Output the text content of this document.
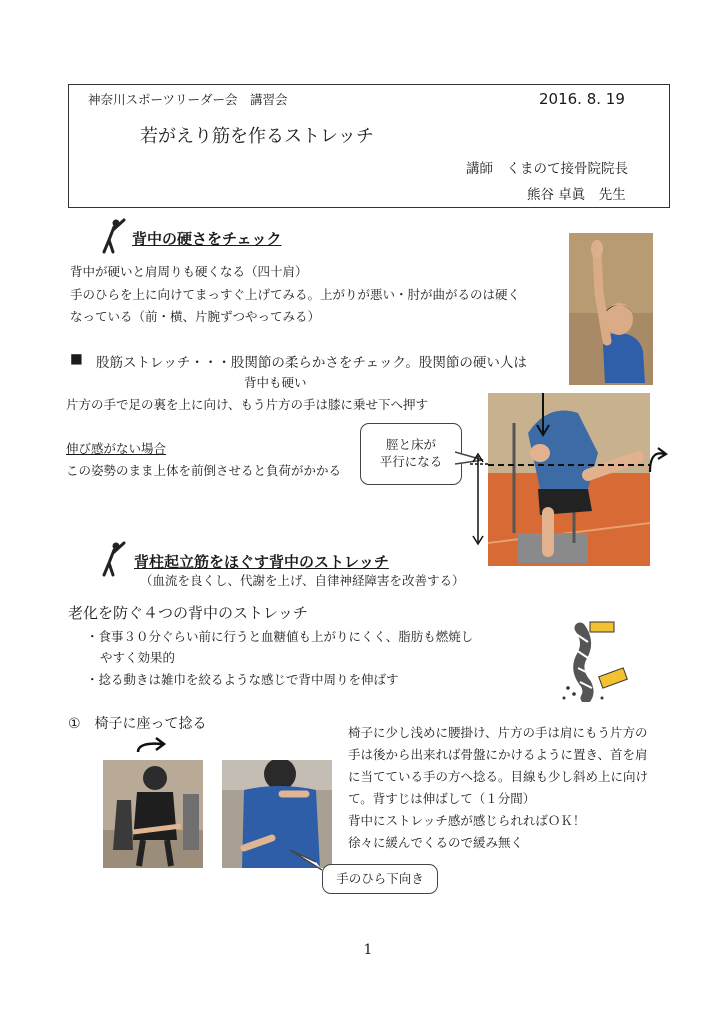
神奈川スポーツリーダー会　講習会	2016. 8. 19
若がえり筋を作るストレッチ
講師　くまのて接骨院院長
熊谷 卓眞　先生
背中の硬さをチェック
背中が硬いと肩周りも硬くなる（四十肩）
手のひらを上に向けてまっすぐ上げてみる。上がりが悪い・肘が曲がるのは硬く
なっている（前・横、片腕ずつやってみる）
■ 股筋ストレッチ・・・股関節の柔らかさをチェック。股関節の硬い人は
背中も硬い
片方の手で足の裏を上に向け、もう片方の手は膝に乗せ下へ押す
伸び感がない場合
この姿勢のまま上体を前倒させると負荷がかかる
脛と床が
平行になる
背柱起立筋をほぐす背中のストレッチ
（血流を良くし、代謝を上げ、自律神経障害を改善する）
老化を防ぐ４つの背中のストレッチ
・食事３０分ぐらい前に行うと血糖値も上がりにくく、脂肪も燃焼し
やすく効果的
・捻る動きは雑巾を絞るような感じで背中周りを伸ばす
①　椅子に座って捻る
椅子に少し浅めに腰掛け、片方の手は肩にもう片方の
手は後から出来れば骨盤にかけるように置き、首を肩
に当てている手の方へ捻る。目線も少し斜め上に向け
て。背すじは伸ばして（１分間）
背中にストレッチ感が感じられればＯＫ！
徐々に緩んでくるので緩み無く
手のひら下向き
1
